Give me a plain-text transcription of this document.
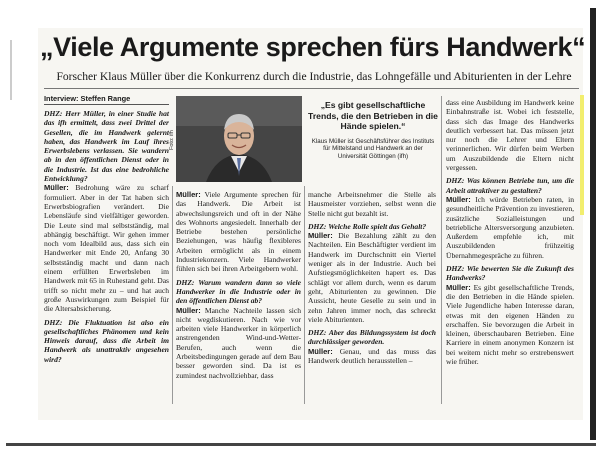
„Viele Argumente sprechen fürs Handwerk“
Forscher Klaus Müller über die Konkurrenz durch die Industrie, das Lohngefälle und Abiturienten in der Lehre
Interview: Steffen Range

DHZ: Herr Müller, in einer Studie hat das ifh ermittelt, dass zwei Drittel der Gesellen, die im Handwerk gelernt haben, das Handwerk im Lauf ihres Erwerbslebens verlassen. Sie wandern ab in den öffentlichen Dienst oder in die Industrie. Ist das eine bedrohliche Entwicklung?

Müller: Bedrohung wäre zu scharf formuliert. Aber in der Tat haben sich Erwerbsbiografien verändert. Die Lebensläufe sind vielfältiger geworden. Die Leute sind mal selbstständig, mal abhängig beschäftigt. Wir gehen immer noch vom Idealbild aus, dass sich ein Handwerker mit Ende 20, Anfang 30 selbstständig macht und dann nach einem erfüllten Erwerbsleben im Handwerk mit 65 in Ruhestand geht. Das trifft so nicht mehr zu – und hat auch große Auswirkungen zum Beispiel für die Altersabsicherung.

DHZ: Die Fluktuation ist also ein gesellschaftliches Phänomen und kein Hinweis darauf, dass die Arbeit im Handwerk als unattraktiv angesehen wird?

Foto: ifh
„Es gibt gesellschaftliche Trends, die den Betrieben in die Hände spielen.“
Klaus Müller ist Geschäftsführer des Instituts für Mittelstand und Handwerk an der Universität Göttingen (ifh)

Müller: Viele Argumente sprechen für das Handwerk. Die Arbeit ist abwechslungsreich und oft in der Nähe des Wohnorts angesiedelt. Innerhalb der Betriebe bestehen persönliche Beziehungen, was häufig flexibleres Arbeiten ermöglicht als in einem Industriekonzern. Viele Handwerker fühlen sich bei ihren Arbeitgebern wohl.

DHZ: Warum wandern dann so viele Handwerker in die Industrie oder in den öffentlichen Dienst ab?

Müller: Manche Nachteile lassen sich nicht wegdiskutieren. Nach wie vor arbeiten viele Handwerker in körperlich anstrengenden Wind-und-Wetter-Berufen, auch wenn die Arbeitsbedingungen gerade auf dem Bau besser geworden sind. Da ist es zumindest nachvollziehbar, dass

manche Arbeitsnehmer die Stelle als Hausmeister vorziehen, selbst wenn die Stelle nicht gut bezahlt ist.

DHZ: Welche Rolle spielt das Gehalt?

Müller: Die Bezahlung zählt zu den Nachteilen. Ein Beschäftigter verdient im Handwerk im Durchschnitt ein Viertel weniger als in der Industrie. Auch bei Aufstiegsmöglichkeiten hapert es. Das schlägt vor allem durch, wenn es darum geht, Abiturienten zu gewinnen. Die Aussicht, heute Geselle zu sein und in zehn Jahren immer noch, das schreckt viele Abiturienten.

DHZ: Aber das Bildungssystem ist doch durchlässiger geworden.

Müller: Genau, und das muss das Handwerk deutlich herausstellen –

dass eine Ausbildung im Handwerk keine Einbahnstraße ist. Wobei ich feststelle, dass sich das Image des Handwerks deutlich verbessert hat. Das müssen jetzt nur noch die Lehrer und Eltern verinnerlichen. Wir dürfen beim Werben um Auszubildende die Eltern nicht vergessen.

DHZ: Was können Betriebe tun, um die Arbeit attraktiver zu gestalten?

Müller: Ich würde Betrieben raten, in gesundheitliche Prävention zu investieren, zusätzliche Sozialleistungen und betriebliche Altersversorgung anzubieten. Außerdem empfehle ich, mit Auszubildenden frühzeitig Übernahmegespräche zu führen.

DHZ: Wie bewerten Sie die Zukunft des Handwerks?

Müller: Es gibt gesellschaftliche Trends, die den Betrieben in die Hände spielen. Viele Jugendliche haben Interesse daran, etwas mit den eigenen Händen zu erschaffen. Sie bevorzugen die Arbeit in kleinen, überschaubaren Betrieben. Eine Karriere in einem anonymen Konzern ist bei weitem nicht mehr so erstrebenswert wie früher.
